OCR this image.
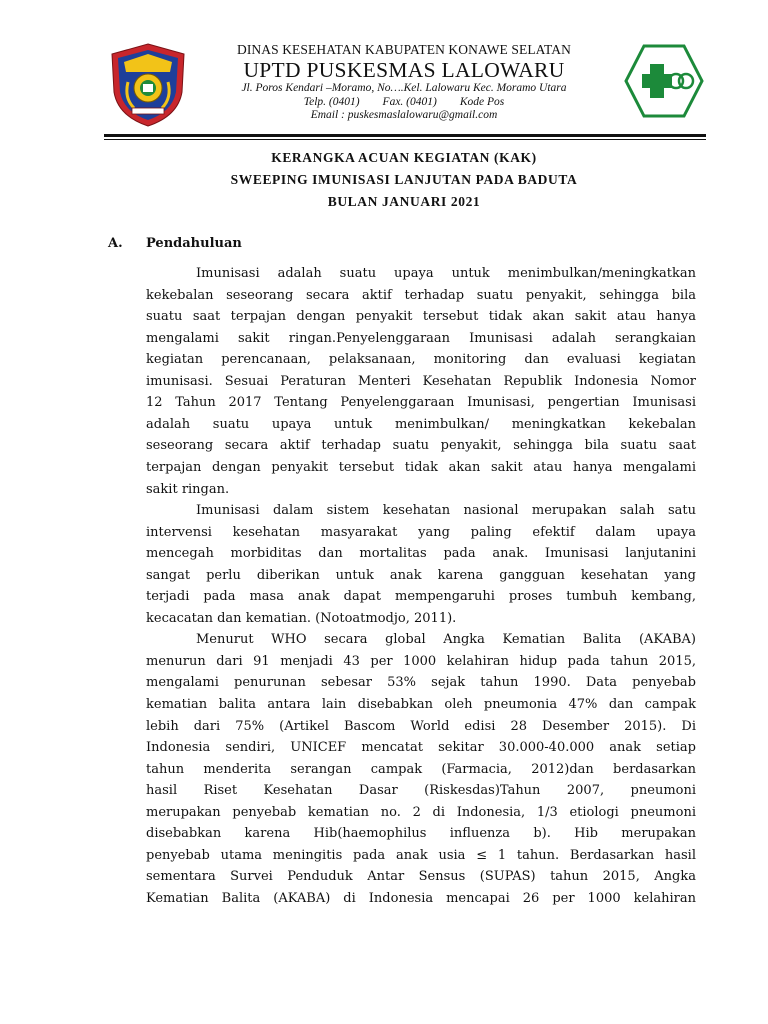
DINAS KESEHATAN KABUPATEN KONAWE SELATAN
UPTD PUSKESMAS LALOWARU
Jl. Poros Kendari –Moramo, No….Kel. Lalowaru Kec. Moramo Utara
Telp. (0401)        Fax. (0401)        Kode Pos
Email : puskesmaslalowaru@gmail.com
KERANGKA ACUAN KEGIATAN (KAK)
SWEEPING IMUNISASI LANJUTAN PADA BADUTA
BULAN JANUARI 2021
A. Pendahuluan
Imunisasi adalah suatu upaya untuk menimbulkan/meningkatkan
kekebalan seseorang secara aktif terhadap suatu penyakit, sehingga bila
suatu saat terpajan dengan penyakit tersebut tidak akan sakit atau hanya
mengalami sakit ringan.Penyelenggaraan Imunisasi adalah serangkaian
kegiatan perencanaan, pelaksanaan, monitoring dan evaluasi kegiatan
imunisasi. Sesuai Peraturan Menteri Kesehatan Republik Indonesia Nomor
12 Tahun 2017 Tentang Penyelenggaraan Imunisasi, pengertian Imunisasi
adalah suatu upaya untuk menimbulkan/ meningkatkan kekebalan
seseorang secara aktif terhadap suatu penyakit, sehingga bila suatu saat
terpajan dengan penyakit tersebut tidak akan sakit atau hanya mengalami
sakit ringan.
Imunisasi dalam sistem kesehatan nasional merupakan salah satu
intervensi kesehatan masyarakat yang paling efektif dalam upaya
mencegah morbiditas dan mortalitas pada anak. Imunisasi lanjutanini
sangat perlu diberikan untuk anak karena gangguan kesehatan yang
terjadi pada masa anak dapat mempengaruhi proses tumbuh kembang,
kecacatan dan kematian. (Notoatmodjo, 2011).
Menurut WHO secara global Angka Kematian Balita (AKABA)
menurun dari 91 menjadi 43 per 1000 kelahiran hidup pada tahun 2015,
mengalami penurunan sebesar 53% sejak tahun 1990. Data penyebab
kematian balita antara lain disebabkan oleh pneumonia 47% dan campak
lebih dari 75% (Artikel Bascom World edisi 28 Desember 2015). Di
Indonesia sendiri, UNICEF mencatat sekitar 30.000-40.000 anak setiap
tahun menderita serangan campak (Farmacia, 2012)dan berdasarkan
hasil Riset Kesehatan Dasar (Riskesdas)Tahun 2007, pneumoni
merupakan penyebab kematian no. 2 di Indonesia, 1/3 etiologi pneumoni
disebabkan karena Hib(haemophilus influenza b). Hib merupakan
penyebab utama meningitis pada anak usia ≤ 1 tahun. Berdasarkan hasil
sementara Survei Penduduk Antar Sensus (SUPAS) tahun 2015, Angka
Kematian Balita (AKABA) di Indonesia mencapai 26 per 1000 kelahiran
